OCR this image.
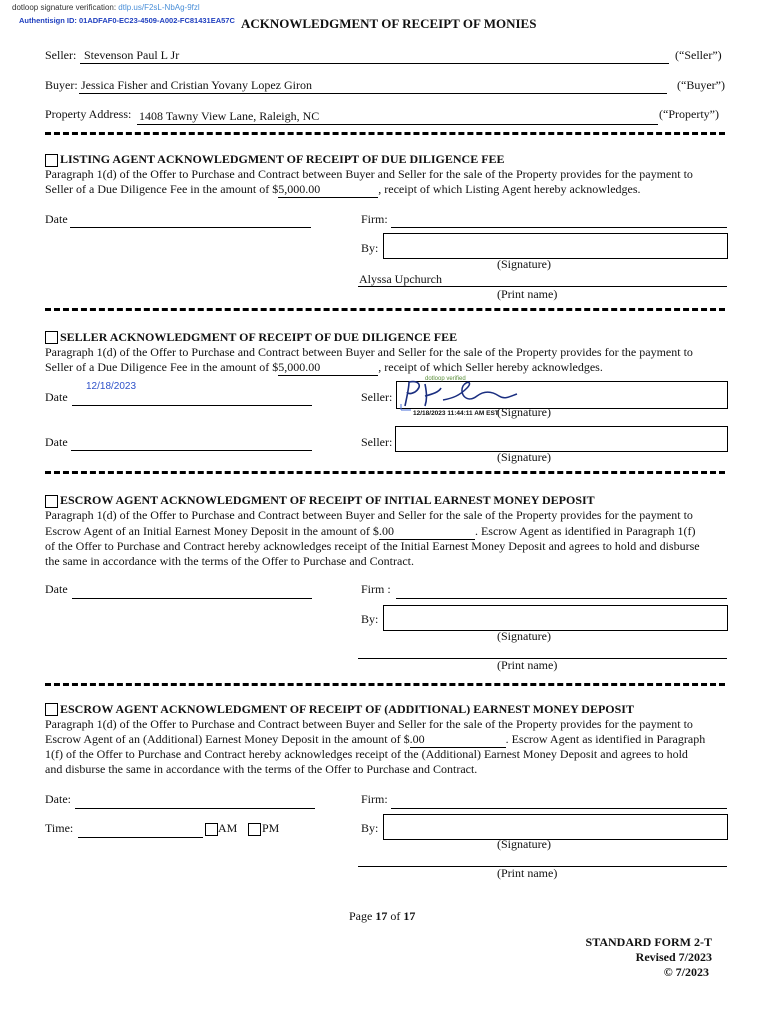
dotloop signature verification: dtlp.us/F2sL-NbAg-9fzl
Authentisign ID: 01ADFAF0-EC23-4509-A002-FC81431EA57C ACKNOWLEDGMENT OF RECEIPT OF MONIES
Seller: Stevenson Paul L Jr	(“Seller”)
Buyer: Jessica Fisher and Cristian Yovany Lopez Giron	(“Buyer”)
Property Address: 1408 Tawny View Lane, Raleigh, NC	(“Property”)
LISTING AGENT ACKNOWLEDGMENT OF RECEIPT OF DUE DILIGENCE FEE
Paragraph 1(d) of the Offer to Purchase and Contract between Buyer and Seller for the sale of the Property provides for the payment to
Seller of a Due Diligence Fee in the amount of $5,000.00	, receipt of which Listing Agent hereby acknowledges.
Date	Firm:
By:
(Signature)
Alyssa Upchurch
(Print name)
SELLER ACKNOWLEDGMENT OF RECEIPT OF DUE DILIGENCE FEE
Paragraph 1(d) of the Offer to Purchase and Contract between Buyer and Seller for the sale of the Property provides for the payment to
Seller of a Due Diligence Fee in the amount of $5,000.00	, receipt of which Seller hereby acknowledges.
12/18/2023
Date	Seller:
dotloop verified
12/18/2023 11:44:11 AM EST
(Signature)
Date	Seller:
(Signature)
ESCROW AGENT ACKNOWLEDGMENT OF RECEIPT OF INITIAL EARNEST MONEY DEPOSIT
Paragraph 1(d) of the Offer to Purchase and Contract between Buyer and Seller for the sale of the Property provides for the payment to
Escrow Agent of an Initial Earnest Money Deposit in the amount of $.00	. Escrow Agent as identified in Paragraph 1(f)
of the Offer to Purchase and Contract hereby acknowledges receipt of the Initial Earnest Money Deposit and agrees to hold and disburse
the same in accordance with the terms of the Offer to Purchase and Contract.
Date	Firm :
By:
(Signature)
(Print name)
ESCROW AGENT ACKNOWLEDGMENT OF RECEIPT OF (ADDITIONAL) EARNEST MONEY DEPOSIT
Paragraph 1(d) of the Offer to Purchase and Contract between Buyer and Seller for the sale of the Property provides for the payment to
Escrow Agent of an (Additional) Earnest Money Deposit in the amount of $.00	. Escrow Agent as identified in Paragraph
1(f) of the Offer to Purchase and Contract hereby acknowledges receipt of the (Additional) Earnest Money Deposit and agrees to hold
and disburse the same in accordance with the terms of the Offer to Purchase and Contract.
Date:	Firm:
Time:	AM PM	By:
(Signature)
(Print name)
Page 17 of 17
STANDARD FORM 2-T
Revised 7/2023
© 7/2023
